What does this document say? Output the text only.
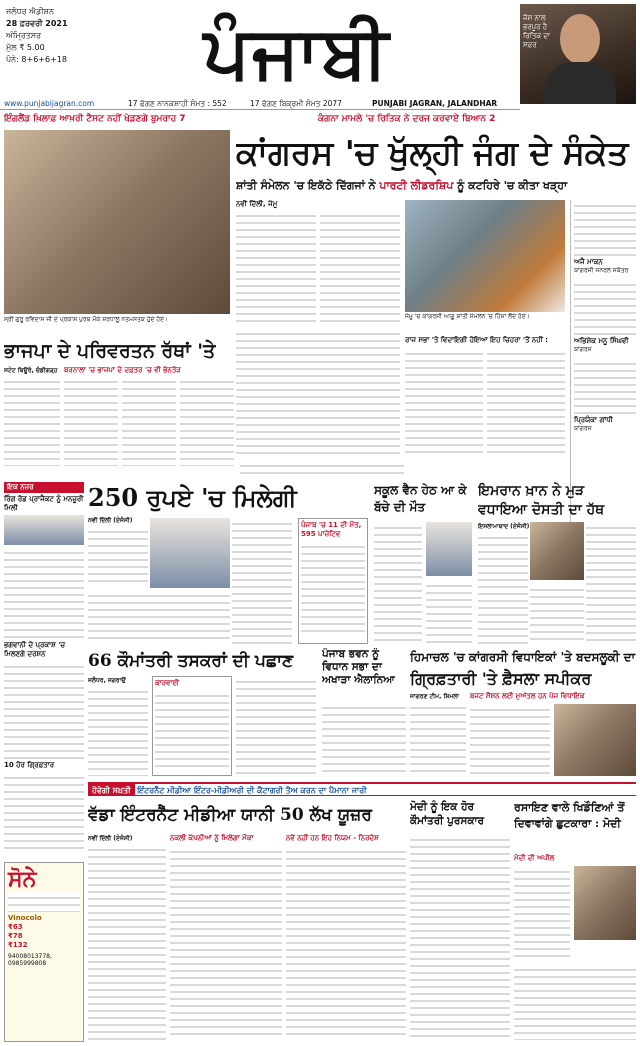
ਜਲੰਧਰ ਐਡੀਸ਼ਨ
28 ਫ਼ਰਵਰੀ 2021
ਅੰਮ੍ਰਿਤਸਰ
ਮੁੱਲ ₹ 5.00
ਪੰਨੇ: 8+6+6+18	ਪੰਜਾਬੀ	ਜੋਸ਼ ਨਾਲ ਭਰਪੂਰ ਹੈ ਰਿਤਿਕ ਦਾ ਸਫ਼ਰ
www.punjabijagran.com	17 ਫੱਗਣ ਨਾਨਕਸ਼ਾਹੀ ਸੰਮਤ : 552	17 ਫੱਗਣ ਬਿਕ੍ਰਮੀ ਸੰਮਤ 2077	PUNJABI JAGRAN, JALANDHAR
ਇੰਗਲੈਂਡ ਖ਼ਿਲਾਫ਼ ਆਖ਼ਰੀ ਟੈਸਟ ਨਹੀਂ ਖੇਡਣਗੇ ਬੁਮਰਾਹ 7	ਕੰਗਨਾ ਮਾਮਲੇ 'ਚ ਰਿਤਿਕ ਨੇ ਦਰਜ ਕਰਵਾਏ ਬਿਆਨ 2
ਸ੍ਰੀ ਗੁਰੂ ਰਵਿਦਾਸ ਜੀ ਦੇ ਪ੍ਰਕਾਸ਼ ਪੁਰਬ ਮੌਕੇ ਸ਼ਰਧਾਲੂ ਨਤਮਸਤਕ ਹੁੰਦੇ ਹੋਏ।
ਕਾਂਗਰਸ 'ਚ ਖੁੱਲ੍ਹੀ ਜੰਗ ਦੇ ਸੰਕੇਤ
ਸ਼ਾਂਤੀ ਸੰਮੇਲਨ 'ਚ ਇਕੱਠੇ ਦਿੱਗਜਾਂ ਨੇ ਪਾਰਟੀ ਲੀਡਰਸ਼ਿਪ ਨੂੰ ਕਟਹਿਰੇ 'ਚ ਕੀਤਾ ਖੜ੍ਹਾ
ਨਵੀਂ ਦਿੱਲੀ, ਜੰਮੂ
ਜੰਮੂ 'ਚ ਕਾਂਗਰਸੀ ਆਗੂ ਸ਼ਾਂਤੀ ਸੰਮੇਲਨ 'ਚ ਹਿੱਸਾ ਲੈਂਦੇ ਹੋਏ।
ਅਜੈ ਮਾਕਨ
ਕਾਂਗਰਸੀ ਜਨਰਲ ਸਕੱਤਰ
ਅਭਿਸ਼ੇਕ ਮਨੂ ਸਿੰਘਵੀ
ਕਾਂਗਰਸ
ਪ੍ਰਿਯੰਕਾ ਗਾਂਧੀ
ਕਾਂਗਰਸ
ਰਾਜ ਸਭਾ 'ਤੇ ਵਿਦਾਇਗੀ ਹੋਇਆ ਇਹ ਚਿਹਰਾ 'ਤੋਂ ਨਹੀਂ :
ਭਾਜਪਾ ਦੇ ਪਰਿਵਰਤਨ ਰੱਥਾਂ 'ਤੇ
ਬਰਨਾਲਾ 'ਚ ਭਾਜਪਾ ਦੇ ਦਫ਼ਤਰ 'ਚ ਵੀ ਭੰਨਤੋੜ
ਸਟੇਟ ਬਿਊਰੋ, ਚੰਡੀਗੜ੍ਹ
ਇਕ ਨਜ਼ਰ
ਰਿੰਗ ਰੋਡ ਪ੍ਰਾਜੈਕਟ ਨੂੰ ਮਨਜ਼ੂਰੀ ਮਿਲੀ
ਭਗਵਾਨੀ ਦੇ ਪ੍ਰਕਾਸ਼ 'ਚ ਮਿਲਣਗੇ ਦਰਸ਼ਨ
10 ਹੋਰ ਗ੍ਰਿਫ਼ਤਾਰ
250 ਰੁਪਏ 'ਚ ਮਿਲੇਗੀ
ਨਵੀਂ ਦਿੱਲੀ (ਏਜੰਸੀ)
ਪੰਜਾਬ 'ਚ 11 ਦੀ ਮੌਤ,
595 ਪਾਜ਼ੇਟਿਵ
ਸਕੂਲ ਵੈਨ ਹੇਠ ਆ ਕੇ ਬੱਚੇ ਦੀ ਮੌਤ
ਇਮਰਾਨ ਖ਼ਾਨ ਨੇ ਮੁੜ ਵਧਾਇਆ ਦੋਸਤੀ ਦਾ ਹੱਥ
ਇਸਲਾਮਾਬਾਦ (ਏਜੰਸੀ)
66 ਕੌਮਾਂਤਰੀ ਤਸਕਰਾਂ ਦੀ ਪਛਾਣ
ਜਲੰਧਰ, ਜਗਰਾਉਂ	ਕਾਰਵਾਈ
ਪੰਜਾਬ ਭਵਨ ਨੂੰ ਵਿਧਾਨ ਸਭਾ ਦਾ ਅਖਾੜਾ ਐਲਾਨਿਆ
ਹਿਮਾਚਲ 'ਚ ਕਾਂਗਰਸੀ ਵਿਧਾਇਕਾਂ 'ਤੇ ਬਦਸਲੂਕੀ ਦਾ
ਗ੍ਰਿਫ਼ਤਾਰੀ 'ਤੇ ਫ਼ੈਸਲਾ ਸਪੀਕਰ
ਜਾਗਰਣ ਟੀਮ, ਸ਼ਿਮਲਾ	ਬਜਟ ਸੈਸ਼ਨ ਲਈ ਮੁਅੱਤਲ ਹਨ ਪੰਜ ਵਿਧਾਇਕ
ਹੋਵੇਗੀ ਸਖ਼ਤੀ ਇੰਟਰਨੈੱਟ ਮੀਡੀਆ ਇੰਟਰ-ਮੀਡੀਅਰੀ ਦੀ ਕੈਟਾਗਰੀ ਤੈਅ ਕਰਨ ਦਾ ਪੈਮਾਨਾ ਜਾਰੀ
ਸੋਨੇ
Vinocolo
₹63
₹78
₹132
94008013778, 0985999808
ਵੱਡਾ ਇੰਟਰਨੈੱਟ ਮੀਡੀਆ ਯਾਨੀ 50 ਲੱਖ ਯੂਜ਼ਰ
ਨਵੀਂ ਦਿੱਲੀ (ਏਜੰਸੀ)	ਨਕਲੀ ਕੰਪਨੀਆਂ ਨੂੰ ਮਿਲੇਗਾ ਮੌਕਾ	ਨਵੇਂ ਨਹੀਂ ਹਨ ਇਹ ਨਿਯਮ - ਨਿਰਦੇਸ਼
ਮੋਦੀ ਨੂੰ ਇਕ ਹੋਰ ਕੌਮਾਂਤਰੀ ਪੁਰਸਕਾਰ
ਰਸਾਇਣ ਵਾਲੇ ਖਿਡੌਣਿਆਂ ਤੋਂ ਦਿਵਾਵਾਂਗੇ ਛੁਟਕਾਰਾ : ਮੋਦੀ
ਮੋਦੀ ਦੀ ਅਪੀਲ
